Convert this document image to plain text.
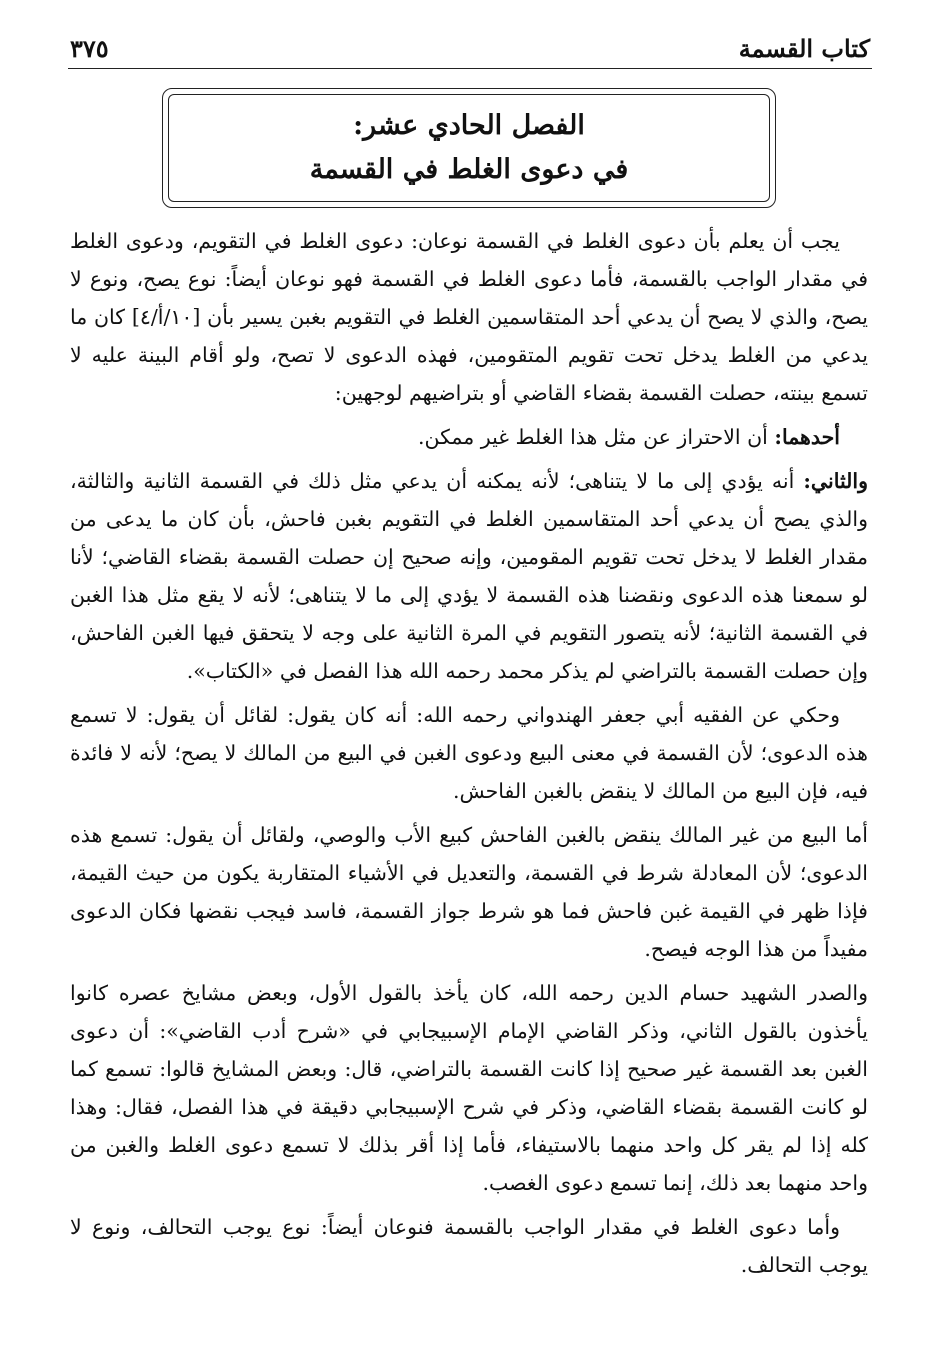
كتاب القسمة
٣٧٥
الفصل الحادي عشر:
في دعوى الغلط في القسمة

يجب أن يعلم بأن دعوى الغلط في القسمة نوعان: دعوى الغلط في التقويم، ودعوى الغلط في مقدار الواجب بالقسمة، فأما دعوى الغلط في القسمة فهو نوعان أيضاً: نوع يصح، ونوع لا يصح، والذي لا يصح أن يدعي أحد المتقاسمين الغلط في التقويم بغبن يسير بأن [١٠/أ/٤] كان ما يدعي من الغلط يدخل تحت تقويم المتقومين، فهذه الدعوى لا تصح، ولو أقام البينة عليه لا تسمع بينته، حصلت القسمة بقضاء القاضي أو بتراضيهم لوجهين:

أحدهما: أن الاحتراز عن مثل هذا الغلط غير ممكن.

والثاني: أنه يؤدي إلى ما لا يتناهى؛ لأنه يمكنه أن يدعي مثل ذلك في القسمة الثانية والثالثة، والذي يصح أن يدعي أحد المتقاسمين الغلط في التقويم بغبن فاحش، بأن كان ما يدعى من مقدار الغلط لا يدخل تحت تقويم المقومين، وإنه صحيح إن حصلت القسمة بقضاء القاضي؛ لأنا لو سمعنا هذه الدعوى ونقضنا هذه القسمة لا يؤدي إلى ما لا يتناهى؛ لأنه لا يقع مثل هذا الغبن في القسمة الثانية؛ لأنه يتصور التقويم في المرة الثانية على وجه لا يتحقق فيها الغبن الفاحش، وإن حصلت القسمة بالتراضي لم يذكر محمد رحمه الله هذا الفصل في «الكتاب».

وحكي عن الفقيه أبي جعفر الهندواني رحمه الله: أنه كان يقول: لقائل أن يقول: لا تسمع هذه الدعوى؛ لأن القسمة في معنى البيع ودعوى الغبن في البيع من المالك لا يصح؛ لأنه لا فائدة فيه، فإن البيع من المالك لا ينقض بالغبن الفاحش.

أما البيع من غير المالك ينقض بالغبن الفاحش كبيع الأب والوصي، ولقائل أن يقول: تسمع هذه الدعوى؛ لأن المعادلة شرط في القسمة، والتعديل في الأشياء المتقاربة يكون من حيث القيمة، فإذا ظهر في القيمة غبن فاحش فما هو شرط جواز القسمة، فاسد فيجب نقضها فكان الدعوى مفيداً من هذا الوجه فيصح.

والصدر الشهيد حسام الدين رحمه الله، كان يأخذ بالقول الأول، وبعض مشايخ عصره كانوا يأخذون بالقول الثاني، وذكر القاضي الإمام الإسبيجابي في «شرح أدب القاضي»: أن دعوى الغبن بعد القسمة غير صحيح إذا كانت القسمة بالتراضي، قال: وبعض المشايخ قالوا: تسمع كما لو كانت القسمة بقضاء القاضي، وذكر في شرح الإسبيجابي دقيقة في هذا الفصل، فقال: وهذا كله إذا لم يقر كل واحد منهما بالاستيفاء، فأما إذا أقر بذلك لا تسمع دعوى الغلط والغبن من واحد منهما بعد ذلك، إنما تسمع دعوى الغصب.

وأما دعوى الغلط في مقدار الواجب بالقسمة فنوعان أيضاً: نوع يوجب التحالف، ونوع لا يوجب التحالف.
